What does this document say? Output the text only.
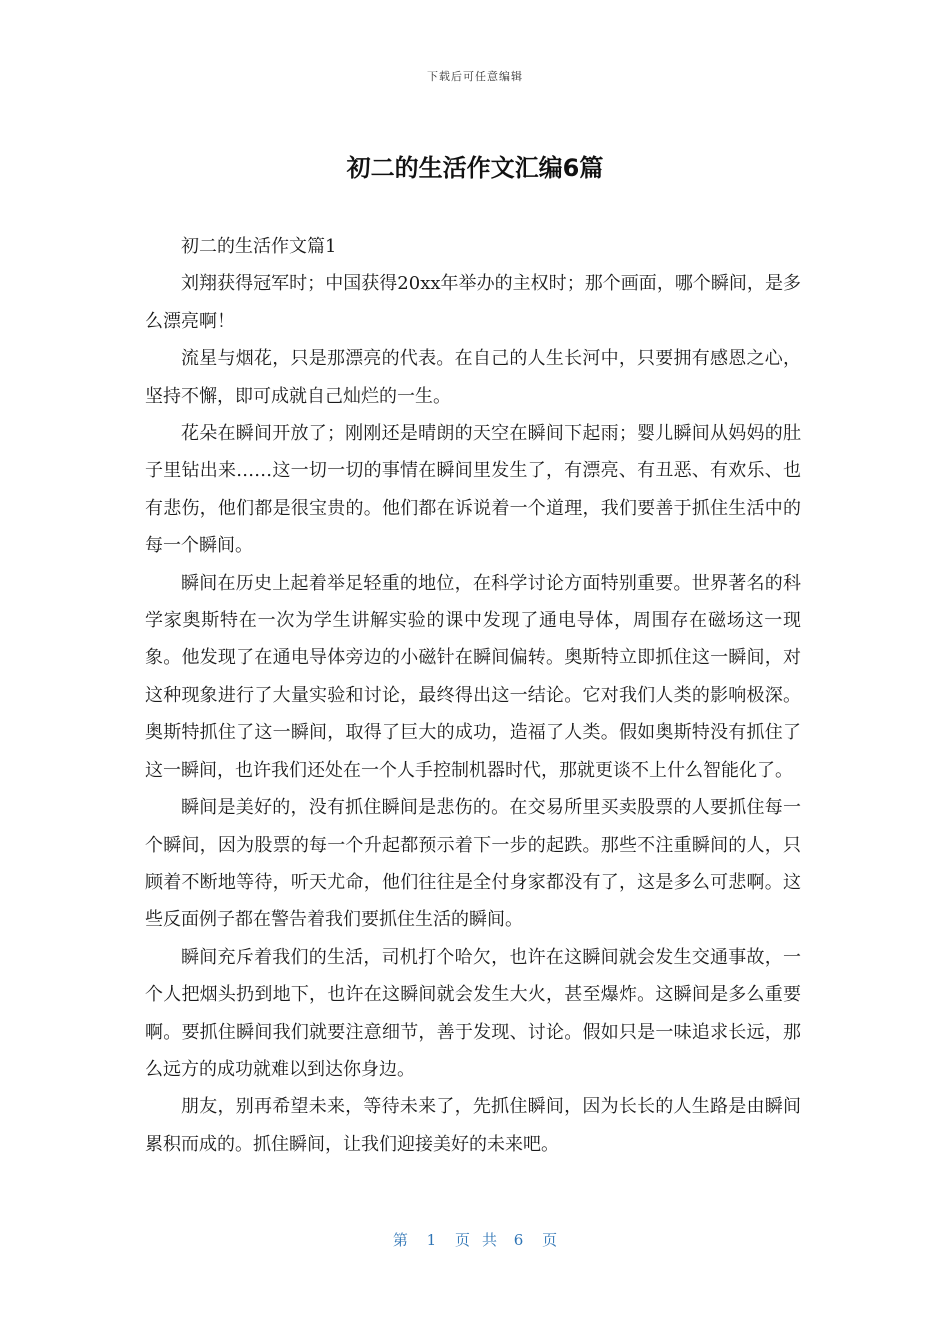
下载后可任意编辑
初二的生活作文汇编6篇

初二的生活作文篇1

刘翔获得冠军时；中国获得20xx年举办的主权时；那个画面，哪个瞬间，是多么漂亮啊！

流星与烟花，只是那漂亮的代表。在自己的人生长河中，只要拥有感恩之心，坚持不懈，即可成就自己灿烂的一生。

花朵在瞬间开放了；刚刚还是晴朗的天空在瞬间下起雨；婴儿瞬间从妈妈的肚子里钻出来……这一切一切的事情在瞬间里发生了，有漂亮、有丑恶、有欢乐、也有悲伤，他们都是很宝贵的。他们都在诉说着一个道理，我们要善于抓住生活中的每一个瞬间。

瞬间在历史上起着举足轻重的地位，在科学讨论方面特别重要。世界著名的科学家奥斯特在一次为学生讲解实验的课中发现了通电导体，周围存在磁场这一现象。他发现了在通电导体旁边的小磁针在瞬间偏转。奥斯特立即抓住这一瞬间，对这种现象进行了大量实验和讨论，最终得出这一结论。它对我们人类的影响极深。奥斯特抓住了这一瞬间，取得了巨大的成功，造福了人类。假如奥斯特没有抓住了这一瞬间，也许我们还处在一个人手控制机器时代，那就更谈不上什么智能化了。

瞬间是美好的，没有抓住瞬间是悲伤的。在交易所里买卖股票的人要抓住每一个瞬间，因为股票的每一个升起都预示着下一步的起跌。那些不注重瞬间的人，只顾着不断地等待，听天尤命，他们往往是全付身家都没有了，这是多么可悲啊。这些反面例子都在警告着我们要抓住生活的瞬间。

瞬间充斥着我们的生活，司机打个哈欠，也许在这瞬间就会发生交通事故，一个人把烟头扔到地下，也许在这瞬间就会发生大火，甚至爆炸。这瞬间是多么重要啊。要抓住瞬间我们就要注意细节，善于发现、讨论。假如只是一味追求长远，那么远方的成功就难以到达你身边。

朋友，别再希望未来，等待未来了，先抓住瞬间，因为长长的人生路是由瞬间累积而成的。抓住瞬间，让我们迎接美好的未来吧。

第 1 页共 6 页
